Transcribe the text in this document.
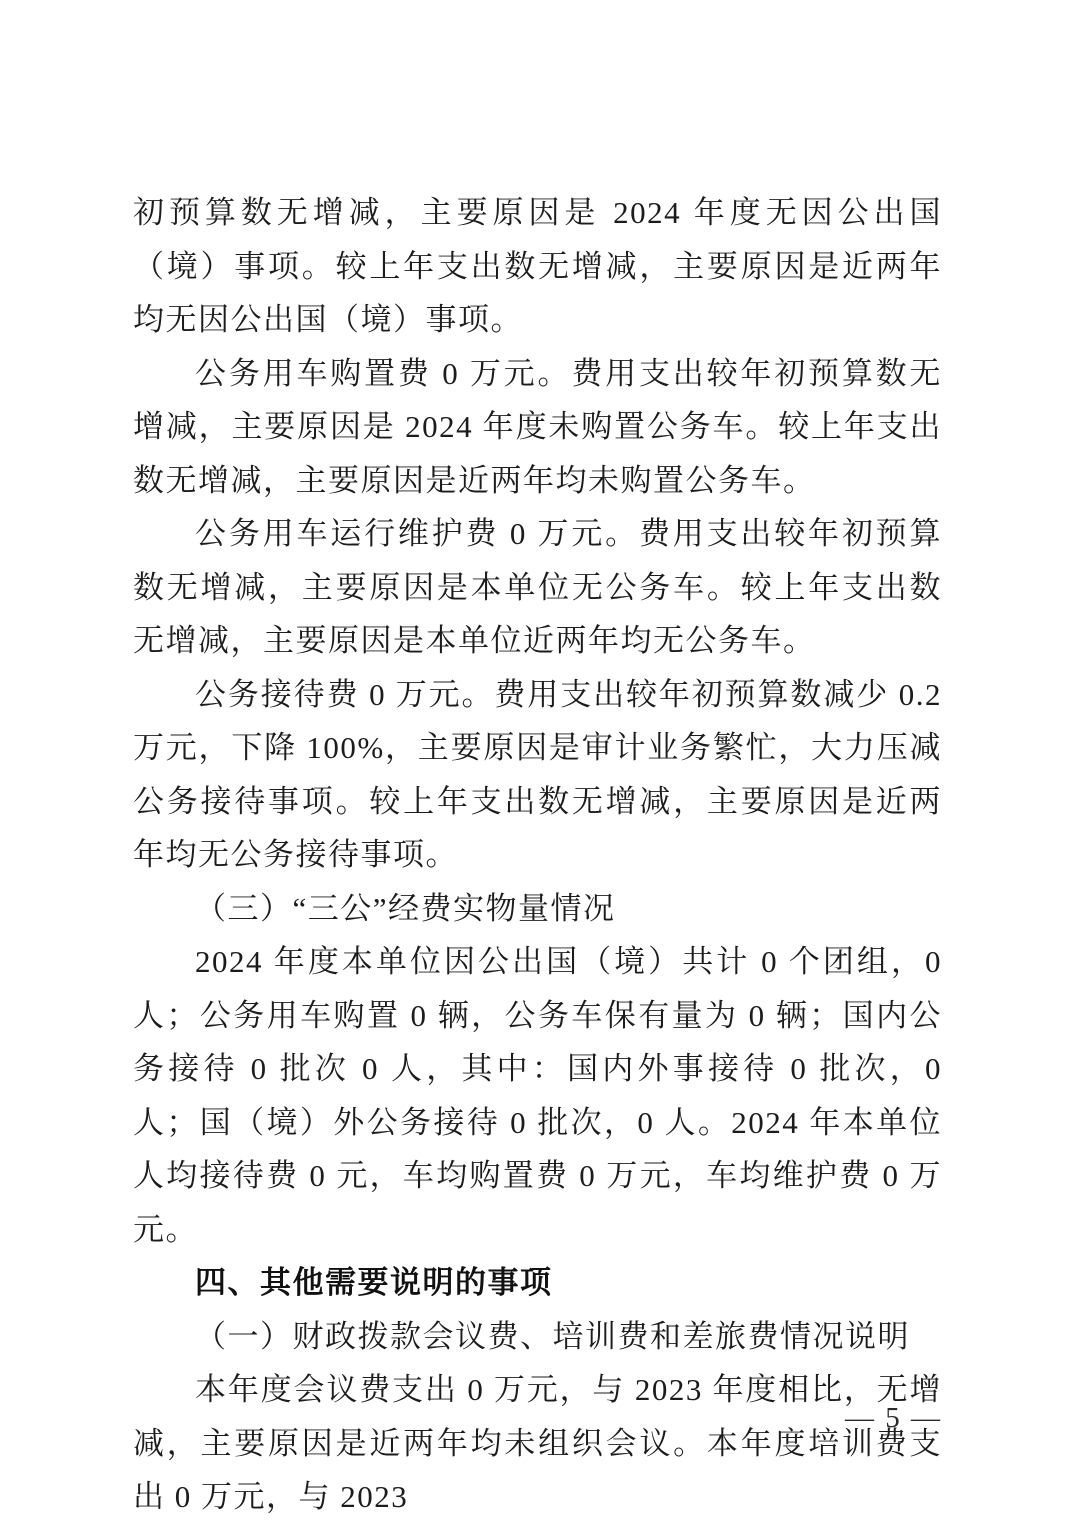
初预算数无增减，主要原因是 2024 年度无因公出国（境）事项。较上年支出数无增减，主要原因是近两年均无因公出国（境）事项。

公务用车购置费 0 万元。费用支出较年初预算数无增减，主要原因是 2024 年度未购置公务车。较上年支出数无增减，主要原因是近两年均未购置公务车。

公务用车运行维护费 0 万元。费用支出较年初预算数无增减，主要原因是本单位无公务车。较上年支出数无增减，主要原因是本单位近两年均无公务车。

公务接待费 0 万元。费用支出较年初预算数减少 0.2 万元，下降 100%，主要原因是审计业务繁忙，大力压减公务接待事项。较上年支出数无增减，主要原因是近两年均无公务接待事项。

（三）“三公”经费实物量情况

2024 年度本单位因公出国（境）共计 0 个团组，0 人；公务用车购置 0 辆，公务车保有量为 0 辆；国内公务接待 0 批次 0 人，其中：国内外事接待 0 批次，0 人；国（境）外公务接待 0 批次，0 人。2024 年本单位人均接待费 0 元，车均购置费 0 万元，车均维护费 0 万元。

四、其他需要说明的事项
（一）财政拨款会议费、培训费和差旅费情况说明

本年度会议费支出 0 万元，与 2023 年度相比，无增减，主要原因是近两年均未组织会议。本年度培训费支出 0 万元，与 2023

— 5 —
